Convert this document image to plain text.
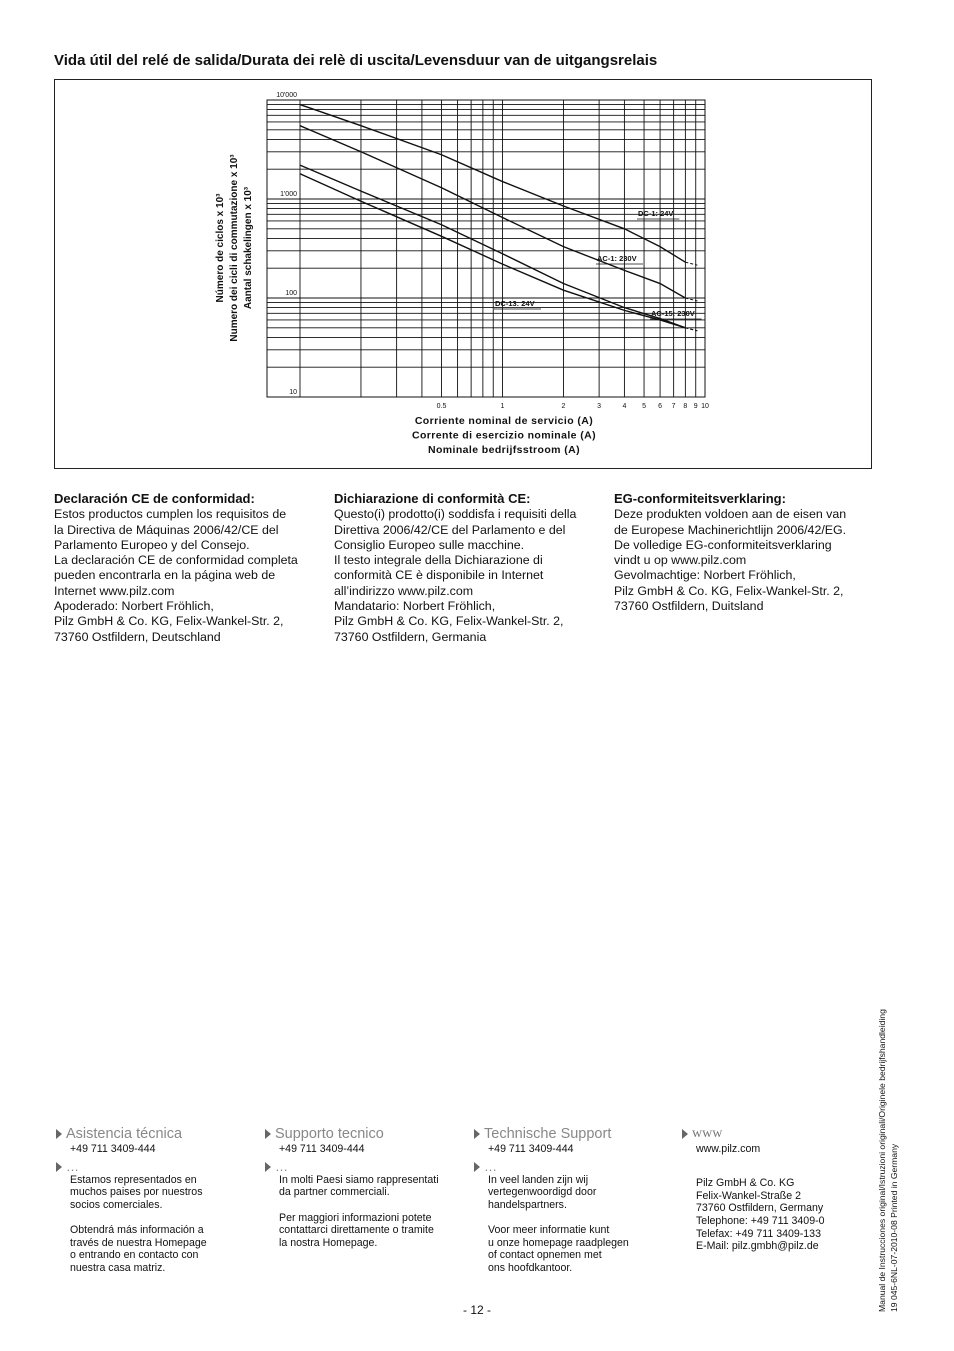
Vida útil del relé de salida/Durata dei relè di uscita/Levensduur van de uitgangsrelais
10'000
1'000
100
10
0.5	1	2	3	4 5 6 7 8 9 10
Corriente nominal de servicio (A)
Corrente di esercizio nominale (A)
Nominale bedrijfsstroom (A)
Número de ciclos x 10³ Numero dei cicli di commutazione x 10³ Aantal schakelingen x 10³	DC-1: 24V
AC-1: 230V
DC-13: 24V
AC-15: 230V
Declaración CE de conformidad:

Estos productos cumplen los requisitos de
la Directiva de Máquinas 2006/42/CE del
Parlamento Europeo y del Consejo.
La declaración CE de conformidad completa
pueden encontrarla en la página web de
Internet www.pilz.com
Apoderado: Norbert Fröhlich,
Pilz GmbH & Co. KG, Felix-Wankel-Str. 2,
73760 Ostfildern, Deutschland

Dichiarazione di conformità CE:

Questo(i) prodotto(i) soddisfa i requisiti della
Direttiva 2006/42/CE del Parlamento e del
Consiglio Europeo sulle macchine.
Il testo integrale della Dichiarazione di
conformità CE è disponibile in Internet
all’indirizzo www.pilz.com
Mandatario: Norbert Fröhlich,
Pilz GmbH & Co. KG, Felix-Wankel-Str. 2,
73760 Ostfildern, Germania

EG-conformiteitsverklaring:

Deze produkten voldoen aan de eisen van
de Europese Machinerichtlijn 2006/42/EG.
De volledige EG-conformiteitsverklaring
vindt u op www.pilz.com
Gevolmachtige: Norbert Fröhlich,
Pilz GmbH & Co. KG, Felix-Wankel-Str. 2,
73760 Ostfildern, Duitsland

Asistencia técnica
+49 711 3409-444
…
Estamos representados en
muchos paises por nuestros
socios comerciales.

Obtendrá más información a
través de nuestra Homepage
o entrando en contacto con
nuestra casa matriz.
Supporto tecnico
+49 711 3409-444
…
In molti Paesi siamo rappresentati
da partner commerciali.

Per maggiori informazioni potete
contattarci direttamente o tramite
la nostra Homepage.
Technische Support
+49 711 3409-444
…
In veel landen zijn wij
vertegenwoordigd door
handelspartners.

Voor meer informatie kunt
u onze homepage raadplegen
of contact opnemen met
ons hoofdkantoor.
www
www.pilz.com
Pilz GmbH & Co. KG
Felix-Wankel-Straße 2
73760 Ostfildern, Germany
Telephone: +49 711 3409-0
Telefax: +49 711 3409-133
E-Mail: pilz.gmbh@pilz.de
- 12 -	Manual de Instrucciones original/Istruzioni originali/Originele bedrijfshandleiding 19 045-6NL-07-2010-08 Printed in Germany
